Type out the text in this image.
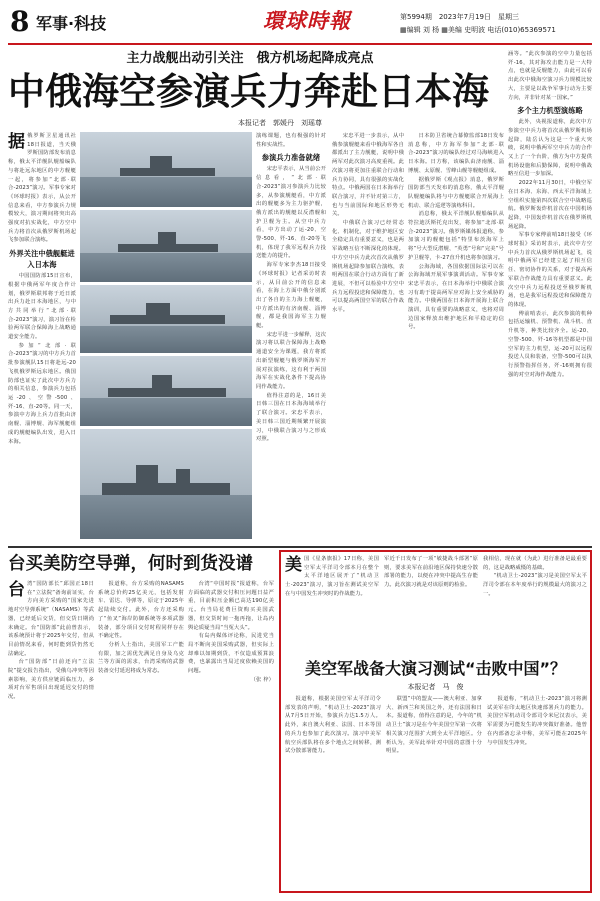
8 军事·科技	環球時報	第5994期　2023年7月19日　星期三
▦编辑 刘 杨 ▦美编 史明波 电话(010)65369571
主力战舰出动引关注　俄方机场起降成亮点
中俄海空参演兵力奔赴日本海
本报记者　郭媛丹　刘瑶尊
据 俄罗斯卫星通讯社18日报道，当天俄罗斯国防部发布消息称，俄太平洋舰队舰船编队与将赴远东地区的中方舰艇一起，将参加“北部·联合-2023”演习。军事专家对《环球时报》表示，从公开信息来看，中方参演兵力规模较大，演习期间将突出高强度对抗实战化，中方空中兵力将首次从俄罗斯机场起飞参加联合演练。

外界关注中俄舰艇进入日本海

中国国防部15日宣布，根据中俄两军年度合作计划，俄罗斯联邦将于近日派出兵力赴日本海地区，与中方共同举行“北部·联合-2023”演习，演习旨在检验两军联合保障海上战略通道安全能力。

参加“北部·联合-2023”演习的中方兵力首批参演舰队15日将赴远-20飞机俄罗斯远东地区。俄国防部也证实了此次中方兵力的相关信息，参演兵力包括运-20、空警-500、歼-16、直-20等。同一天，参演中方海上兵力首批由济南舰、淄博舰、海军舰艇组成的舰艇编队出发，进入日本海。

演练课题，也有极强的针对性和实战性。

参演兵力准备就绪

宋忠平表示，从当前公开信息看，“北部·联合-2023”演习参演兵力比较多，从参演舰艇看，中方派出的舰艇多为主力驱护舰，俄方派出的舰艇以反潜舰和护卫舰为主。从空中兵力看，中方出动了运-20、空警-500、歼-16、直-20等飞机，体现了我军远程兵力投送能力的提升。

海军专家李杰18日接受《环球时报》记者采访时表示，从目前公开的信息来看，在海上方面中俄分别派出了各自的主力海上舰艇，中方派出的有济南舰、淄博舰，都是我国海军主力舰艇。

宋忠平进一步解释，这次演习将以联合保障海上战略通道安全为课题，我方将派出新型舰艇与俄罗斯海军开展对抗演练，这有利于两国海军在实战化条件下提高协同作战能力。

值得注意的是，16日美日韩三国在日本海海域举行了联合演习。宋忠平表示，美日韩三国近期频繁开展演习，中俄联合演习与之形成对照。

宋忠平进一步表示，从中俄参演舰艇来看中俄海军各自都派出了主力舰艇，说明中俄两军对此次演习高度重视。此次演习将更加注重联合行动和兵力协同，具有很强的实战化特点。中俄两国在日本海举行联合演习，并不针对第三方，也与当前国际和地区形势无关。

中俄联合演习已经常态化、机制化，对于维护地区安全稳定具有重要意义，也是两军战略互信不断深化的体现。中方空中兵力此次首次从俄罗斯机场起降参加联合演练，表明两国在联合行动方面有了新进展，不但可以检验中方空中兵力远程投送和保障能力，也可以提高两国空军的联合作战水平。

涵等。“此次参演的空中力量包括歼-16，其对海攻击能力是一大特点，也就是反舰能力，由此可以看出此次中俄海空演习兵力规模比较大，主要是以战争军事行动为主要方向，并非针对某一国家。”

多个主力机型演练略

此外，央视报道称，此次中方参演空中兵力将首次从俄罗斯机场起降，陆岳认为这是一个重大突破，说明中俄两军空中兵力的合作又上了一个台阶，俄方为中方提供机场设施和后勤保障，说明中俄战略互信进一步加深。

2022年11月30日，中俄空军在日本海、东海、西太平洋海域上空组织实施第四次联合空中战略巡航。俄罗斯轰炸机首次在中国机场起降，中国轰炸机首次在俄罗斯机场起降。

军事专家傅前哨18日接受《环球时报》采访时表示，此次中方空中兵力首次从俄罗斯机场起飞，说明中俄两军已经建立起了相互信任、密切协作的关系，对于提高两军联合作战能力具有重要意义。此次空中兵力远程投送至俄罗斯机场，也是我军远程投送和保障能力的体现。

傅前哨表示，此次参演的机种包括运输机、预警机、战斗机、直升机等，种类比较齐全。运-20、空警-500、歼-16等机型都是中国空军的主力机型，运-20可以远程投送人员和装备，空警-500可以执行预警指挥任务，歼-16则拥有很强的对空对海作战能力。

日本防卫省统合幕僚监部18日发布消息称，中方海军参加“北部·联合-2023”演习的编队经过对马海峡进入日本海。日方称，该编队由济南舰、淄博舰、太原舰、雪峰山舰等舰艇组成。

据俄罗斯《观点报》消息，俄罗斯国防部当天发布的消息称，俄太平洋舰队舰艇编队将与中方舰艇联合开展海上机动、联合巡逻等演练科目。

消息称，俄太平洋舰队舰船编队从符拉迪沃斯托克出发，将参加“北部·联合-2023”演习。俄罗斯媒体报道称，参加演习的舰艇包括“特里布茨海军上将”号大型反潜舰、“英勇”号和“完美”号护卫舰等，卡-27直升机也将参加演习。

公海海域，各国依据国际法可以在公海海域开展军事演训活动。军事专家宋忠平表示，在日本海举行中俄联合演习有助于提高两军应对海上安全威胁的能力。中俄两国在日本海开展海上联合演训，具有重要的战略意义，也将对周边国家释放出维护地区和平稳定的信号。

台买美防空导弹，何时到货没谱
台 湾“国防部长”邱国正18日在“立法院”备询前证实，台方向美方采购的“国家先进地对空导弹系统”（NASAMS）等武器，已经延后交货，但交货日期尚未确定。台“国防部”此前曾表示，该系统预计将于2025年交付，但从目前情况来看，何时能到货仍然无法确定。

台“国防部”日前还向“立法院”提交报告指出，受俄乌冲突等因素影响，美方供应链面临压力，多项对台军售项目出现延迟交付的情况。

报道称，台方采购的NASAMS系统总价约25亿美元，包括发射车、雷达、导弹等，原定于2025年起陆续交付。此外，台方还采购了“鱼叉”海岸防御系统等多项武器装备，部分项目交付时程同样存在不确定性。

分析人士指出，美国军工产能有限，加之需优先满足自身及乌克兰等方面的需求，台湾采购的武器装备交付延迟将成为常态。

台湾“中国时报”报道称，台军方面临的武器交付积压问题日益严重，目前积压金额已高达190亿美元。台当局花费巨资购买美国武器，但交货时间一拖再拖，让岛内舆论质疑当局“当冤大头”。

有岛内媒体评论称，民进党当局不断向美国采购武器，但实际上却难以如期到货，不仅造成预算浪费，也暴露出当局过度依赖美国的问题。

（张 梓）

美 国《星条旗报》17日称，美国空军太平洋司令部本月在整个太平洋地区展开了“机动卫士-2023”演习，演习旨在测试美空军在与中国发生冲突时的作战能力。

军近千日发布了一项“敏捷战斗部署”原则，要求美军在前沿地区保持快速分散部署的能力，以便在冲突中提高生存能力。此次演习就是对该原则的检验。

我相信，现在就（为此）进行准备是最重要的，这是战略威慑的基础。

“机动卫士-2023”演习是美国空军太平洋司令部在本年度举行的规模最大的演习之一。

美空军战备大演习测试“击败中国”？
本报记者　马　俊

报道称，根据美国空军太平洋司令部发表的声明，“机动卫士-2023”演习从7月5日开始，参演兵力达1.5万人。此外，来自澳大利亚、法国、日本等国的兵力也参加了此次演习。演习中美军航空兵部队将在多个地点之间转移，测试分散部署能力。

联盟”中的盟友——澳大利亚、加拿大、新西兰和英国之外，还有法国和日本。报道称，值得注意的是，今年的“机动卫士”演习是在今年美国空军第一次将相关演习范围扩大到全太平洋地区。分析认为，美军此举针对中国的意图十分明显。

报道称，“机动卫士-2023”演习将测试美军在印太地区快速部署兵力的能力。美国空军机动司令部司令米尼汉表示，美军需要为可能发生的冲突做好准备。他曾在内部备忘录中称，美军可能在2025年与中国发生冲突。
